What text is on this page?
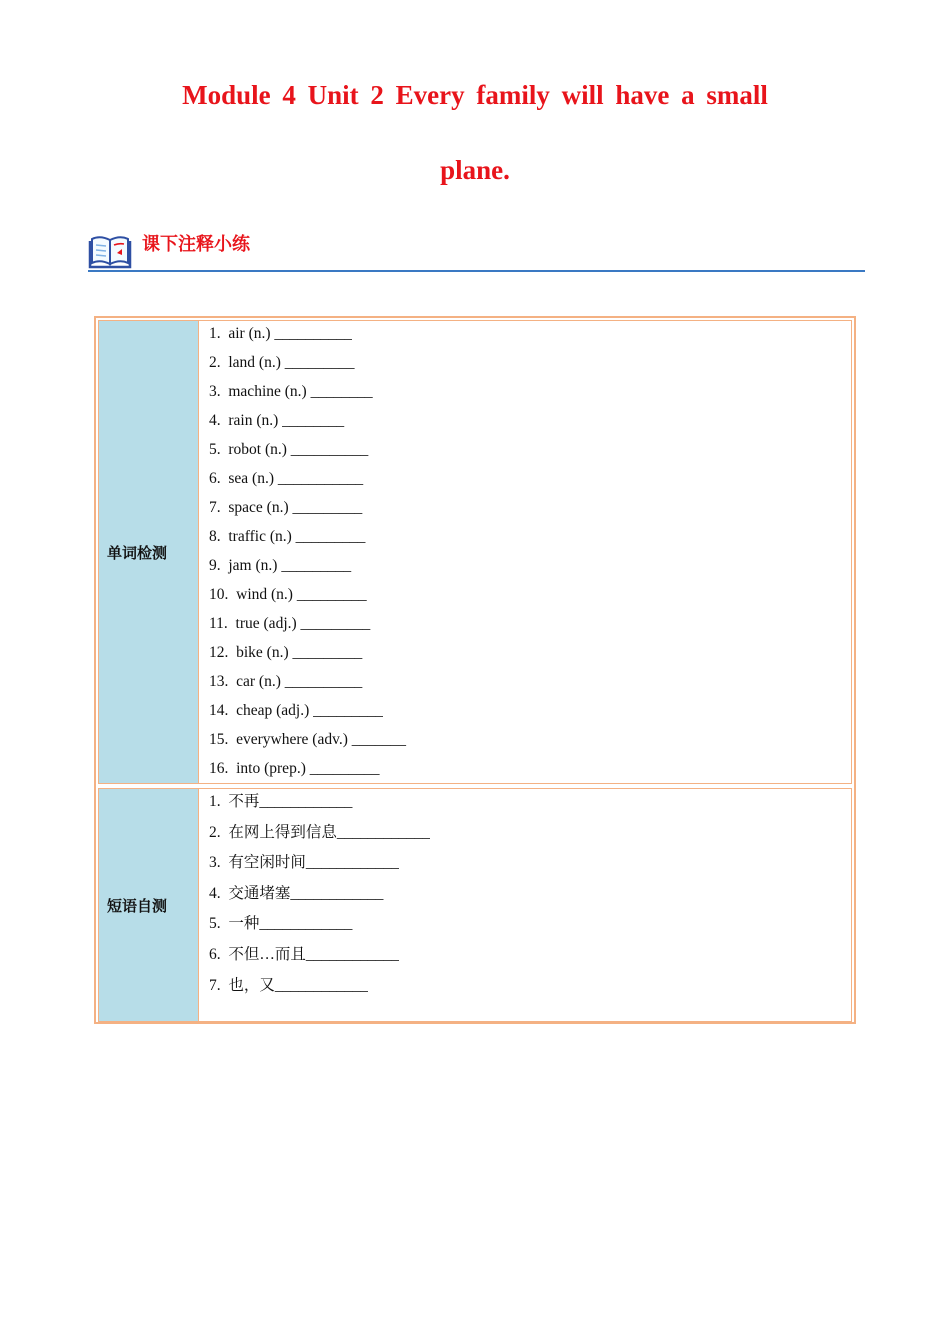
Module 4 Unit 2 Every family will have a small
plane.
课下注释小练
单词检测
1.  air (n.) __________
2.  land (n.) _________
3.  machine (n.) ________
4.  rain (n.) ________
5.  robot (n.) __________
6.  sea (n.) ___________
7.  space (n.) _________
8.  traffic (n.) _________
9.  jam (n.) _________
10.  wind (n.) _________
11.  true (adj.) _________
12.  bike (n.) _________
13.  car (n.) __________
14.  cheap (adj.) _________
15.  everywhere (adv.) _______
16.  into (prep.) _________
短语自测
1.  不再____________
2.  在网上得到信息____________
3.  有空闲时间____________
4.  交通堵塞____________
5.  一种____________
6.  不但…而且____________
7.  也，又____________
